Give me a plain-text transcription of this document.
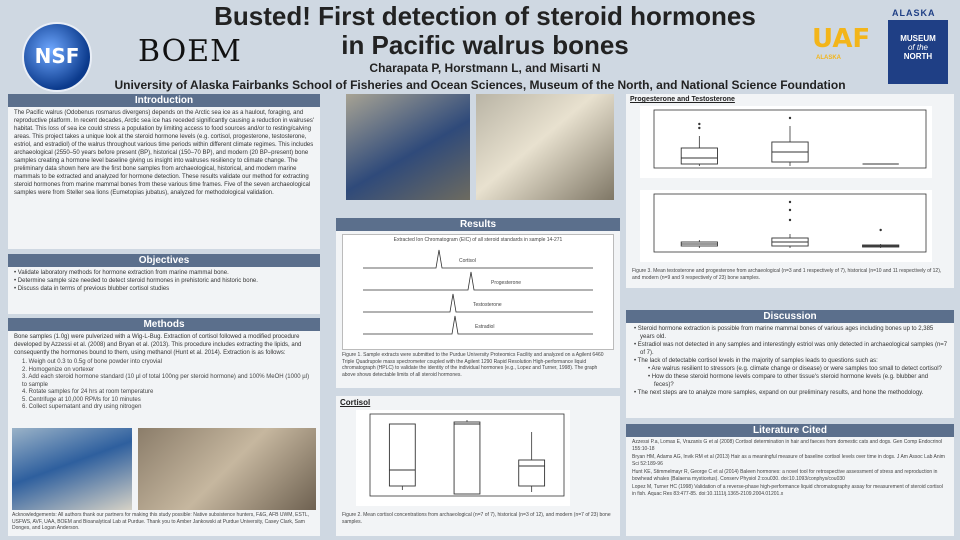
NSF	BOEM
Busted! First detection of steroid hormones
in Pacific walrus bones
Charapata P, Horstmann L, and Misarti N
University of Alaska Fairbanks School of Fisheries and Ocean Sciences, Museum of the North, and National Science Foundation
UAF
ALASKA
ALASKA
MUSEUM
of the
NORTH
Introduction
The Pacific walrus (Odobenus rosmarus divergens) depends on the Arctic sea ice as a haulout, foraging, and reproductive platform. In recent decades, Arctic sea ice has receded significantly causing a reduction in walruses' habitat. This loss of sea ice could stress a population by limiting access to food sources and/or to resting/calving areas. This project takes a unique look at the steroid hormone levels (e.g. cortisol, progesterone, testosterone, estriol, and estradiol) of the walrus throughout various time periods within different climate regimes. This includes archaeological (2550–50 years before present (BP), historical (150–70 BP), and modern (20 BP–present) bone samples creating a hormone level baseline giving us insight into walruses resiliency to climate change. The preliminary data shown here are the first bone samples from archaeological, historical, and modern marine mammals to be extracted and analyzed for hormone detection. These results validate our method for extracting steroid hormones from marine mammal bones from these various time frames. Five of the seven archaeological samples were from Steller sea lions (Eumetopias jubatus), analyzed for methodological validation.
Objectives
• Validate laboratory methods for hormone extraction from marine mammal bone.
• Determine sample size needed to detect steroid hormones in prehistoric and historic bone.
• Discuss data in terms of previous blubber cortisol studies
Methods
Bone samples (1.0g) were pulverized with a Wig-L-Bug. Extraction of cortisol followed a modified procedure developed by Azzessi et al. (2008) and Bryan et al. (2013). This procedure includes extracting the lipids, and consequently the hormones bound to them, using methanol (Hunt et al. 2014). Extraction is as follows:
1. Weigh out 0.3 to 0.5g of bone powder into cryovial
2. Homogenize on vortexer
3. Add each steroid hormone standard (10 µl of total 100ng per steroid hormone) and 100% MeOH (1000 µl) to sample
4. Rotate samples for 24 hrs at room temperature
5. Centrifuge at 10,000 RPMs for 10 minutes
6. Collect supernatant and dry using nitrogen
Acknowledgements: All authors thank our partners for making this study possible: Native subsistence hunters, F&G, AFB UWM, ESTL, USFWS, AVF, UAA, BOEM and Bioanalytical Lab at Purdue. Thank you to Amber Jankowski at Purdue University, Casey Clark, Sam Donges, and Logan Anderson.
Results
Extracted Ion Chromatogram (EIC) of all steroid standards in sample 14-271
Cortisol
Progesterone
Testosterone
Estradiol
Figure 1. Sample extracts were submitted to the Purdue University Proteomics Facility and analyzed on a Agilent 6460 Triple Quadrupole mass spectrometer coupled with the Agilent 1290 Rapid Resolution High-performance liquid chromatograph (HPLC) to validate the identity of the individual hormones (e.g., Lopez and Turner, 1998). The graph above shows detectable limits of all steroid hormones.
Cortisol
Figure 2. Mean cortisol concentrations from archaeological (n=7 of 7), historical (n=3 of 12), and modern (n=7 of 23) bone samples.
Progesterone and Testosterone
Figure 3. Mean testosterone and progesterone from archaeological (n=3 and 1 respectively of 7), historical (n=10 and 11 respectively of 12), and modern (n=9 and 9 respectively of 23) bone samples.
Discussion
• Steroid hormone extraction is possible from marine mammal bones of various ages including bones up to 2,385 years old.
• Estradiol was not detected in any samples and interestingly estriol was only detected in archaeological samples (n=7 of 7).
• The lack of detectable cortisol levels in the majority of samples leads to questions such as:
• Are walrus resilient to stressors (e.g. climate change or disease) or were samples too small to detect cortisol?
• How do these steroid hormone levels compare to other tissue's steroid hormone levels (e.g. blubber and feces)?
• The next steps are to analyze more samples, expand on our preliminary results, and hone the methodology.
Literature Cited
Azzessi P.a, Lomas E, Vrazanis G et al (2008) Cortisol determination in hair and faeces from domestic cats and dogs. Gen Comp Endocrinol 155:10-18
Bryan HM, Adams AG, Invik RM et al (2013) Hair as a meaningful measure of baseline cortisol levels over time in dogs. J Am Assoc Lab Anim Sci 52:189-96
Hunt KE, Stimmelmayr R, George C et al (2014) Baleen hormones: a novel tool for retrospective assessment of stress and reproduction in bowhead whales (Balaena mysticetus). Conserv Physiol 2:cou030. doi:10.1093/conphys/cou030
Lopez M, Turner HC (1998) Validation of a reverse-phase high-performance liquid chromatography assay for measurement of steroid cortisol in fish. Aquac Res 83:477-85. doi:10.1111/j.1365-2109.2004.01201.x
